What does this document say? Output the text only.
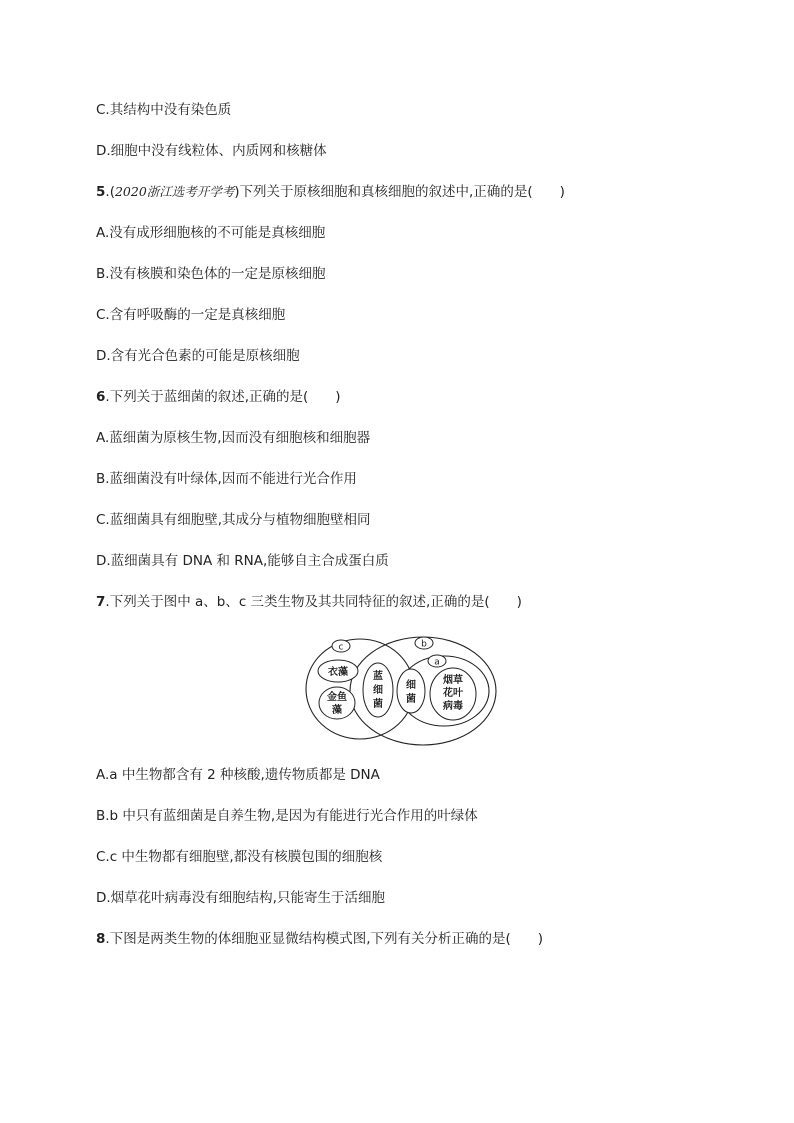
C.其结构中没有染色质
D.细胞中没有线粒体、内质网和核糖体
5.(2020浙江选考开学考)下列关于原核细胞和真核细胞的叙述中,正确的是(　　)
A.没有成形细胞核的不可能是真核细胞
B.没有核膜和染色体的一定是原核细胞
C.含有呼吸酶的一定是真核细胞
D.含有光合色素的可能是原核细胞
6.下列关于蓝细菌的叙述,正确的是(　　)
A.蓝细菌为原核生物,因而没有细胞核和细胞器
B.蓝细菌没有叶绿体,因而不能进行光合作用
C.蓝细菌具有细胞壁,其成分与植物细胞壁相同
D.蓝细菌具有 DNA 和 RNA,能够自主合成蛋白质
7.下列关于图中 a、b、c 三类生物及其共同特征的叙述,正确的是(　　)
c	b
a
衣藻
金鱼
藻
蓝
细
菌
细
菌
烟草
花叶
病毒
A.a 中生物都含有 2 种核酸,遗传物质都是 DNA
B.b 中只有蓝细菌是自养生物,是因为有能进行光合作用的叶绿体
C.c 中生物都有细胞壁,都没有核膜包围的细胞核
D.烟草花叶病毒没有细胞结构,只能寄生于活细胞
8.下图是两类生物的体细胞亚显微结构模式图,下列有关分析正确的是(　　)
